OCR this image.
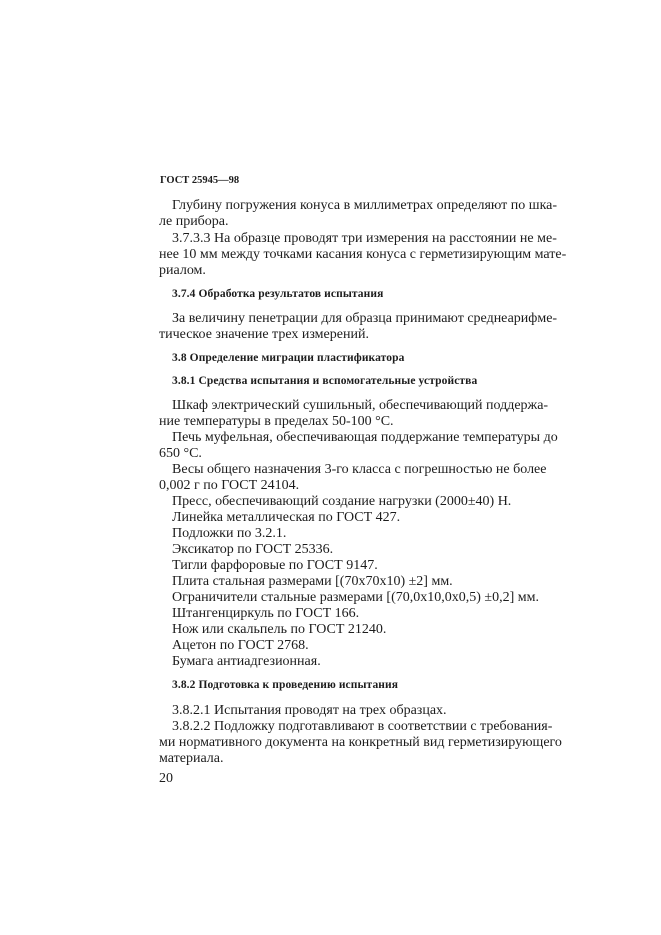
ГОСТ 25945—98

Глубину погружения конуса в миллиметрах определяют по шка-

ле прибора.

3.7.3.3 На образце проводят три измерения на расстоянии не ме-

нее 10 мм между точками касания конуса с герметизирующим мате-

риалом.

3.7.4 Обработка результатов испытания

За величину пенетрации для образца принимают среднеарифме-

тическое значение трех измерений.

3.8 Определение миграции пластификатора

3.8.1 Средства испытания и вспомогательные устройства

Шкаф электрический сушильный, обеспечивающий поддержа-

ние температуры в пределах 50-100 °С.

Печь муфельная, обеспечивающая поддержание температуры до

650 °С.

Весы общего назначения 3-го класса с погрешностью не более

0,002 г по ГОСТ 24104.

Пресс, обеспечивающий создание нагрузки (2000±40) Н.

Линейка металлическая по ГОСТ 427.

Подложки по 3.2.1.

Эксикатор по ГОСТ 25336.

Тигли фарфоровые по ГОСТ 9147.

Плита стальная размерами [(70х70х10) ±2] мм.

Ограничители стальные размерами [(70,0х10,0х0,5) ±0,2] мм.

Штангенциркуль по ГОСТ 166.

Нож или скальпель по ГОСТ 21240.

Ацетон по ГОСТ 2768.

Бумага антиадгезионная.

3.8.2 Подготовка к проведению испытания

3.8.2.1 Испытания проводят на трех образцах.

3.8.2.2 Подложку подготавливают в соответствии с требования-

ми нормативного документа на конкретный вид герметизирующего

материала.

20
